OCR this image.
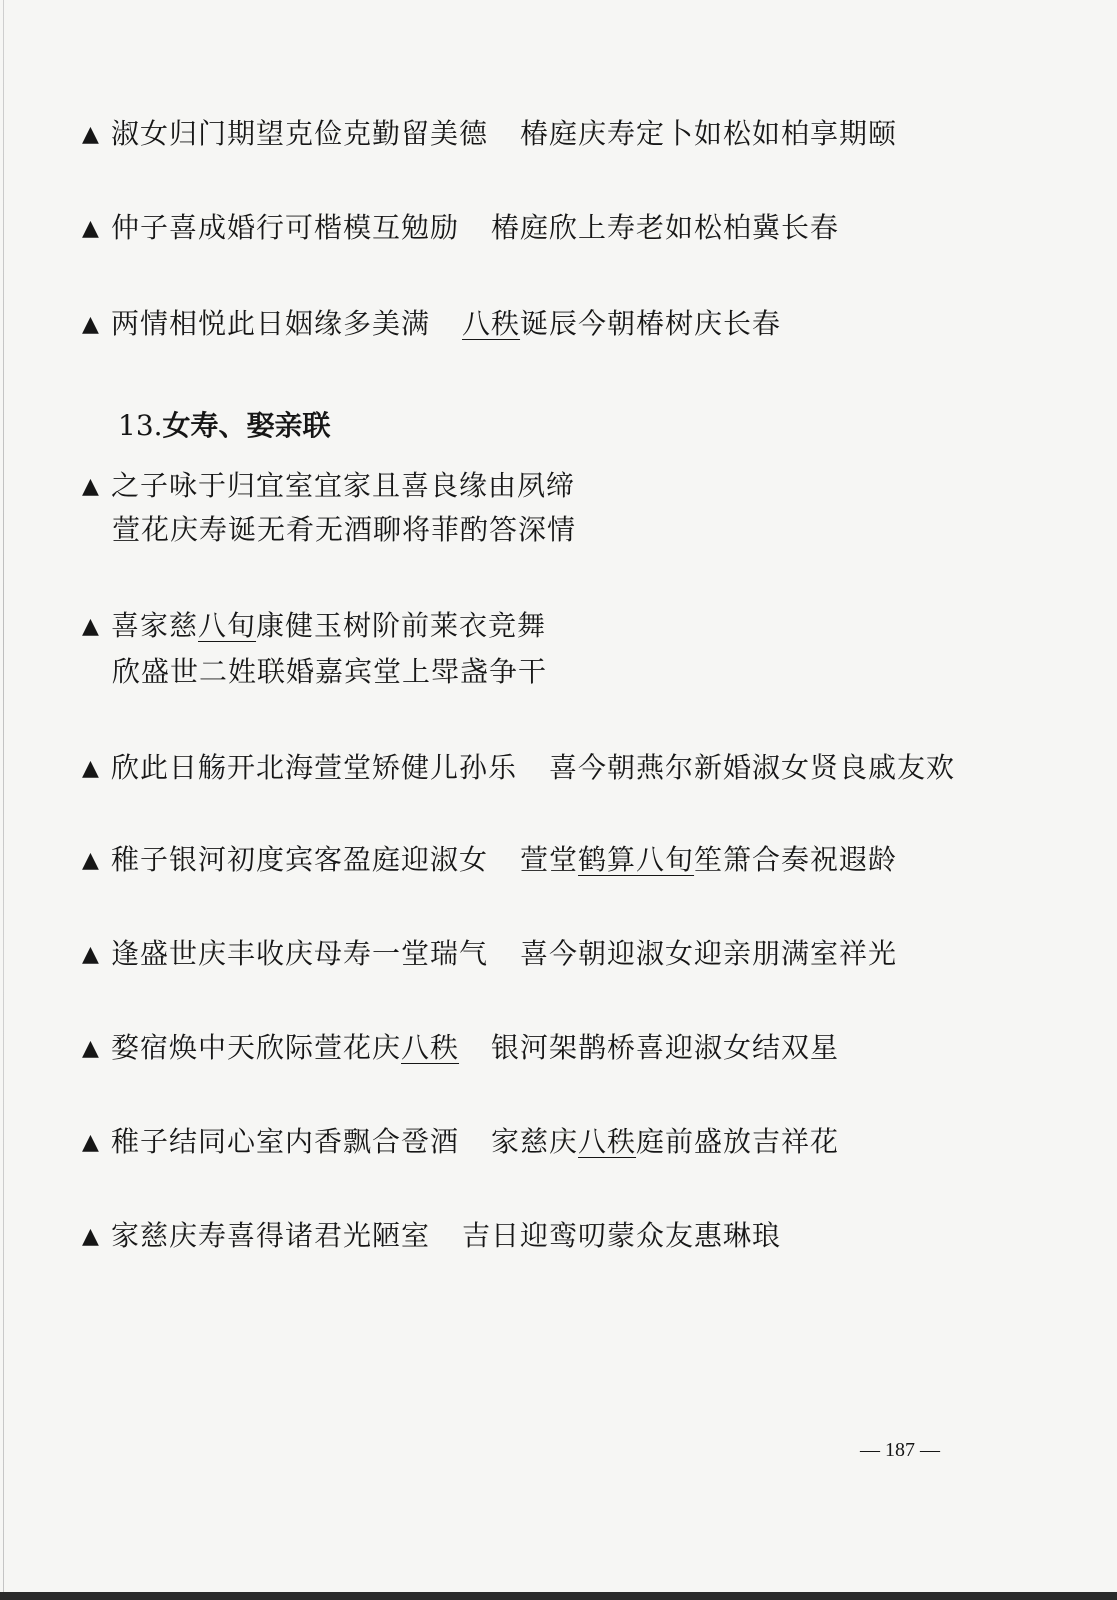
▲ 淑女归门期望克俭克勤留美德 椿庭庆寿定卜如松如柏享期颐
▲ 仲子喜成婚行可楷模互勉励 椿庭欣上寿老如松柏冀长春
▲ 两情相悦此日姻缘多美满 八秩诞辰今朝椿树庆长春
13.女寿、娶亲联
▲ 之子咏于归宜室宜家且喜良缘由夙缔
萱花庆寿诞无肴无酒聊将菲酌答深情
▲ 喜家慈八旬康健玉树阶前莱衣竞舞
欣盛世二姓联婚嘉宾堂上斝盏争干
▲ 欣此日觞开北海萱堂矫健儿孙乐 喜今朝燕尔新婚淑女贤良戚友欢
▲ 稚子银河初度宾客盈庭迎淑女 萱堂鹤算八旬笙箫合奏祝遐龄
▲ 逢盛世庆丰收庆母寿一堂瑞气 喜今朝迎淑女迎亲朋满室祥光
▲ 婺宿焕中天欣际萱花庆八秩 银河架鹊桥喜迎淑女结双星
▲ 稚子结同心室内香飘合卺酒 家慈庆八秩庭前盛放吉祥花
▲ 家慈庆寿喜得诸君光陋室 吉日迎鸾叨蒙众友惠琳琅
— 187 —
